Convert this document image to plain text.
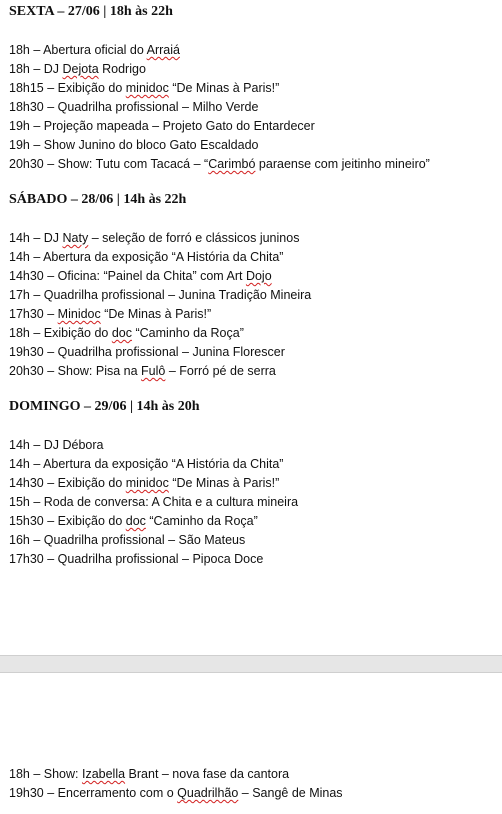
SEXTA – 27/06 | 18h às 22h
18h – Abertura oficial do Arraiá
18h – DJ Dejota Rodrigo
18h15 – Exibição do minidoc “De Minas à Paris!”
18h30 – Quadrilha profissional – Milho Verde
19h – Projeção mapeada – Projeto Gato do Entardecer
19h – Show Junino do bloco Gato Escaldado
20h30 – Show: Tutu com Tacacá – “Carimbó paraense com jeitinho mineiro”
SÁBADO – 28/06 | 14h às 22h
14h – DJ Naty – seleção de forró e clássicos juninos
14h – Abertura da exposição “A História da Chita”
14h30 – Oficina: “Painel da Chita” com Art Dojo
17h – Quadrilha profissional – Junina Tradição Mineira
17h30 – Minidoc “De Minas à Paris!”
18h – Exibição do doc “Caminho da Roça”
19h30 – Quadrilha profissional – Junina Florescer
20h30 – Show: Pisa na Fulô – Forró pé de serra
DOMINGO – 29/06 | 14h às 20h
14h – DJ Débora
14h – Abertura da exposição “A História da Chita”
14h30 – Exibição do minidoc “De Minas à Paris!”
15h – Roda de conversa: A Chita e a cultura mineira
15h30 – Exibição do doc “Caminho da Roça”
16h – Quadrilha profissional – São Mateus
17h30 – Quadrilha profissional – Pipoca Doce
18h – Show: Izabella Brant – nova fase da cantora
19h30 – Encerramento com o Quadrilhão – Sangê de Minas
